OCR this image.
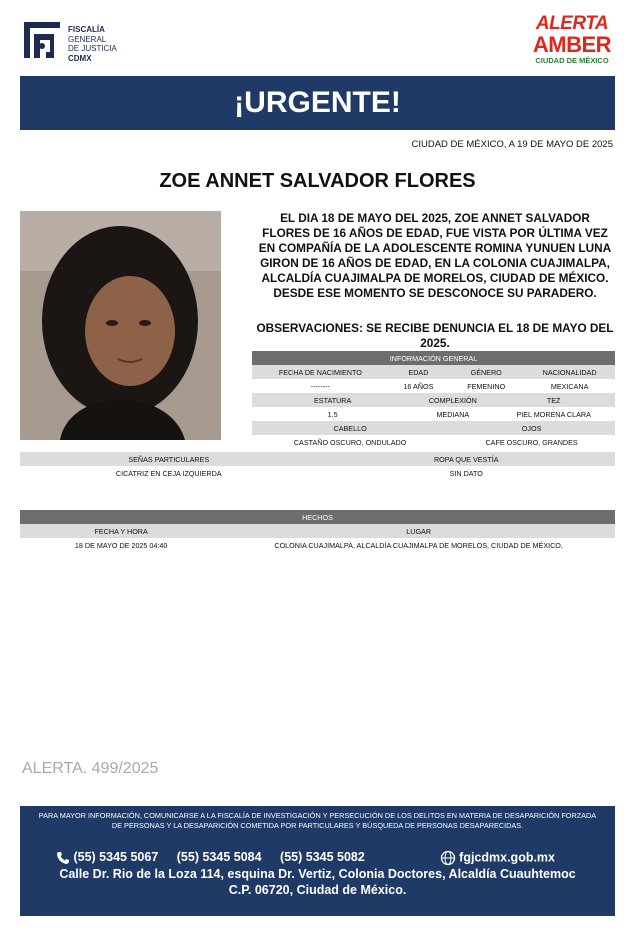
FISCALÍA
GENERAL
DE JUSTICIA
CDMX
ALERTA
AMBER
CIUDAD DE MÉXICO
¡URGENTE!
CIUDAD DE MÉXICO, A 19 DE MAYO DE 2025
ZOE ANNET SALVADOR FLORES
EL DIA 18 DE MAYO DEL 2025, ZOE ANNET SALVADOR FLORES DE 16 AÑOS DE EDAD, FUE VISTA POR ÚLTIMA VEZ EN COMPAÑÍA DE LA ADOLESCENTE ROMINA YUNUEN LUNA GIRON DE 16 AÑOS DE EDAD, EN LA COLONIA CUAJIMALPA, ALCALDÍA CUAJIMALPA DE MORELOS, CIUDAD DE MÉXICO. DESDE ESE MOMENTO SE DESCONOCE SU PARADERO.
OBSERVACIONES: SE RECIBE DENUNCIA EL 18 DE MAYO DEL 2025.
INFORMACIÓN GENERAL					
FECHA DE NACIMIENTO	EDAD		GÉNERO		NACIONALIDAD
--------	16 AÑOS		FEMENINO		MEXICANA
ESTATURA		COMPLEXIÓN		TEZ	
1.5		MEDIANA		PIEL MORENA CLARA	
CABELLO			OJOS		
CASTAÑO OSCURO, ONDULADO			CAFE OSCURO, GRANDES		
SEÑAS PARTICULARES	ROPA QUE VESTÍA
CICATRIZ EN CEJA IZQUIERDA	SIN DATO
HECHOS	
FECHA Y HORA	LUGAR
18 DE MAYO DE 2025 04:40	COLONIA CUAJIMALPA, ALCALDÍA CUAJIMALPA DE MORELOS, CIUDAD DE MÉXICO,
ALERTA. 499/2025
PARA MAYOR INFORMACIÓN, COMUNICARSE A LA FISCALÍA DE INVESTIGACIÓN Y PERSECUCIÓN DE LOS DELITOS EN MATERIA DE DESAPARICIÓN FORZADA DE PERSONAS Y LA DESAPARICIÓN COMETIDA POR PARTICULARES Y BÚSQUEDA DE PERSONAS DESAPARECIDAS.
(55) 5345 5067 (55) 5345 5084 (55) 5345 5082	fgjcdmx.gob.mx
Calle Dr. Rio de la Loza 114, esquina Dr. Vertiz, Colonia Doctores, Alcaldía Cuauhtemoc
C.P. 06720, Ciudad de México.
